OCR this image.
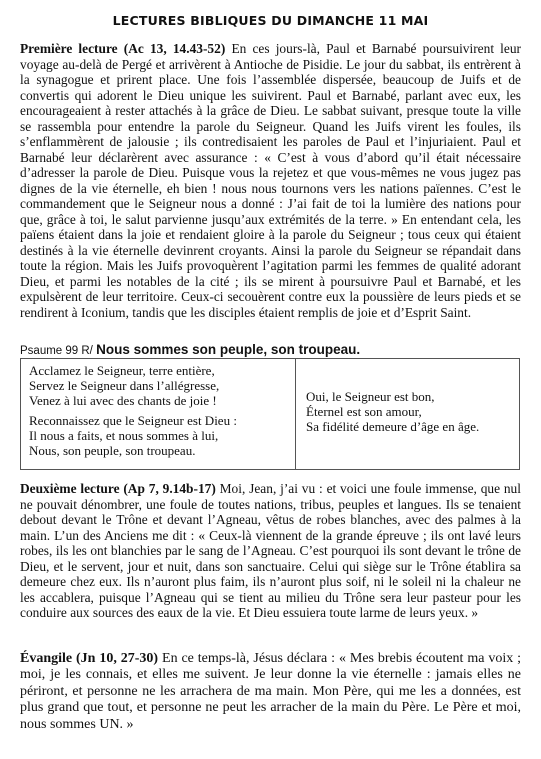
LECTURES BIBLIQUES DU DIMANCHE 11 MAI
Première lecture (Ac 13, 14.43-52) En ces jours-là, Paul et Barnabé poursuivirent leur voyage au-delà de Pergé et arrivèrent à Antioche de Pisidie. Le jour du sabbat, ils entrèrent à la synagogue et prirent place. Une fois l’assemblée dispersée, beaucoup de Juifs et de convertis qui adorent le Dieu unique les suivirent. Paul et Barnabé, parlant avec eux, les encourageaient à rester attachés à la grâce de Dieu. Le sabbat suivant, presque toute la ville se rassembla pour entendre la parole du Seigneur. Quand les Juifs virent les foules, ils s’enflammèrent de jalousie ; ils contredisaient les paroles de Paul et l’injuriaient. Paul et Barnabé leur déclarèrent avec assurance : « C’est à vous d’abord qu’il était nécessaire d’adresser la parole de Dieu. Puisque vous la rejetez et que vous-mêmes ne vous jugez pas dignes de la vie éternelle, eh bien ! nous nous tournons vers les nations païennes. C’est le commandement que le Seigneur nous a donné : J’ai fait de toi la lumière des nations pour que, grâce à toi, le salut parvienne jusqu’aux extrémités de la terre. » En entendant cela, les païens étaient dans la joie et rendaient gloire à la parole du Seigneur ; tous ceux qui étaient destinés à la vie éternelle devinrent croyants. Ainsi la parole du Seigneur se répandait dans toute la région. Mais les Juifs provoquèrent l’agitation parmi les femmes de qualité adorant Dieu, et parmi les notables de la cité ; ils se mirent à poursuivre Paul et Barnabé, et les expulsèrent de leur territoire. Ceux-ci secouèrent contre eux la poussière de leurs pieds et se rendirent à Iconium, tandis que les disciples étaient remplis de joie et d’Esprit Saint.
Psaume 99 R/ Nous sommes son peuple, son troupeau.
Acclamez le Seigneur, terre entière,
Servez le Seigneur dans l’allégresse,
Venez à lui avec des chants de joie !
Reconnaissez que le Seigneur est Dieu :
Il nous a faits, et nous sommes à lui,
Nous, son peuple, son troupeau.
Oui, le Seigneur est bon,
Éternel est son amour,
Sa fidélité demeure d’âge en âge.
Deuxième lecture (Ap 7, 9.14b-17) Moi, Jean, j’ai vu : et voici une foule immense, que nul ne pouvait dénombrer, une foule de toutes nations, tribus, peuples et langues. Ils se tenaient debout devant le Trône et devant l’Agneau, vêtus de robes blanches, avec des palmes à la main. L’un des Anciens me dit : « Ceux-là viennent de la grande épreuve ; ils ont lavé leurs robes, ils les ont blanchies par le sang de l’Agneau. C’est pourquoi ils sont devant le trône de Dieu, et le servent, jour et nuit, dans son sanctuaire. Celui qui siège sur le Trône établira sa demeure chez eux. Ils n’auront plus faim, ils n’auront plus soif, ni le soleil ni la chaleur ne les accablera, puisque l’Agneau qui se tient au milieu du Trône sera leur pasteur pour les conduire aux sources des eaux de la vie. Et Dieu essuiera toute larme de leurs yeux. »
Évangile (Jn 10, 27-30) En ce temps-là, Jésus déclara : « Mes brebis écoutent ma voix ; moi, je les connais, et elles me suivent. Je leur donne la vie éternelle : jamais elles ne périront, et personne ne les arrachera de ma main. Mon Père, qui me les a données, est plus grand que tout, et personne ne peut les arracher de la main du Père. Le Père et moi, nous sommes UN. »
